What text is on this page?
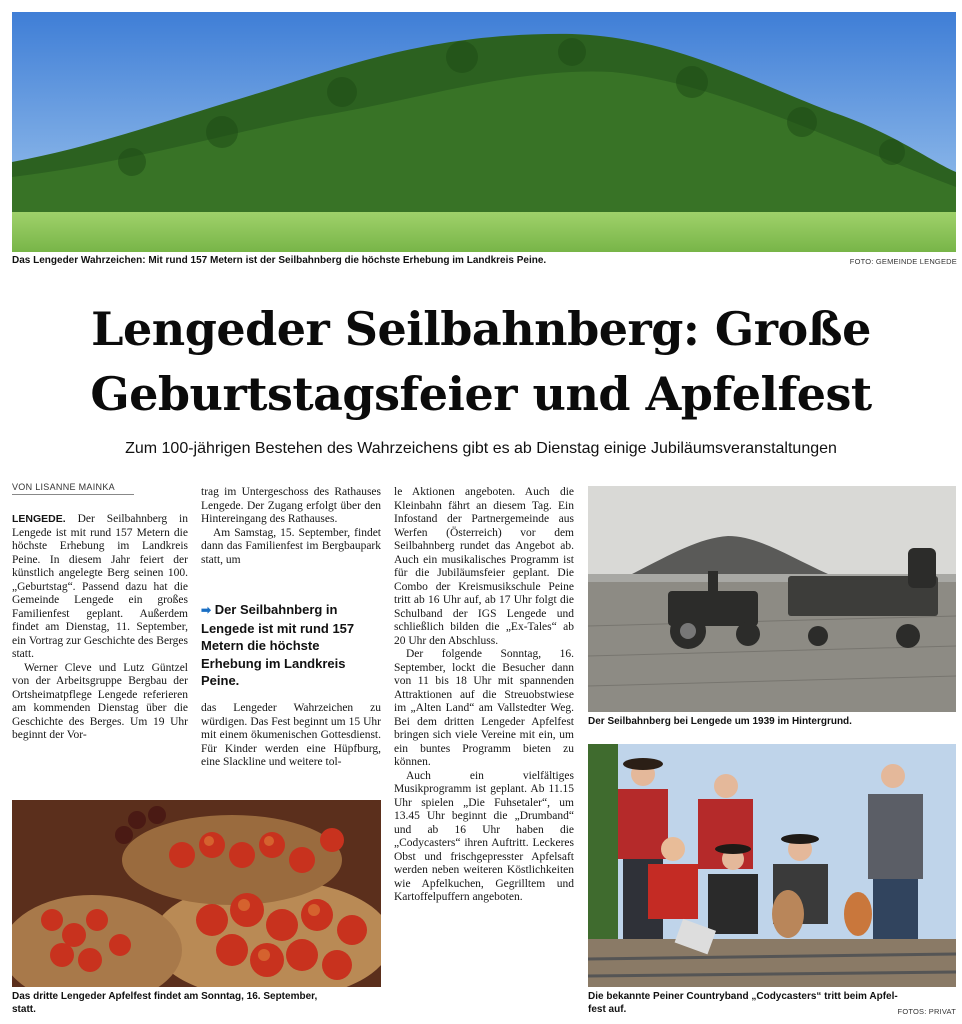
Das Lengeder Wahrzeichen: Mit rund 157 Metern ist der Seilbahnberg die höchste Erhebung im Landkreis Peine.	FOTO: GEMEINDE LENGEDE
Lengeder Seilbahnberg: Große
Geburtstagsfeier und Apfelfest
Zum 100-jährigen Bestehen des Wahrzeichens gibt es ab Dienstag einige Jubiläumsveranstaltungen
VON LISANNE MAINKA

LENGEDE. Der Seilbahnberg in Lengede ist mit rund 157 Metern die höchste Erhebung im Landkreis Peine. In diesem Jahr feiert der künstlich angelegte Berg seinen 100. „Geburtstag“. Passend dazu hat die Gemeinde Lengede ein großes Familienfest geplant. Außerdem findet am Dienstag, 11. September, ein Vortrag zur Geschichte des Berges statt.

Werner Cleve und Lutz Güntzel von der Arbeitsgruppe Bergbau der Ortsheimatpflege Lengede referieren am kommenden Dienstag über die Geschichte des Berges. Um 19 Uhr beginnt der Vor-

trag im Untergeschoss des Rathauses Lengede. Der Zugang erfolgt über den Hintereingang des Rathauses.

Am Samstag, 15. September, findet dann das Familienfest im Bergbaupark statt, um

➡ Der Seilbahnberg in Lengede ist mit rund 157 Metern die höchste Erhebung im Landkreis Peine.

das Lengeder Wahrzeichen zu würdigen. Das Fest beginnt um 15 Uhr mit einem ökumenischen Gottesdienst. Für Kinder werden eine Hüpfburg, eine Slackline und weitere tol-

le Aktionen angeboten. Auch die Kleinbahn fährt an diesem Tag. Ein Infostand der Partnergemeinde aus Werfen (Österreich) vor dem Seilbahnberg rundet das Angebot ab. Auch ein musikalisches Programm ist für die Jubiläumsfeier geplant. Die Combo der Kreismusikschule Peine tritt ab 16 Uhr auf, ab 17 Uhr folgt die Schulband der IGS Lengede und schließlich bilden die „Ex-Tales“ ab 20 Uhr den Abschluss.

Der folgende Sonntag, 16. September, lockt die Besucher dann von 11 bis 18 Uhr mit spannenden Attraktionen auf die Streuobstwiese im „Alten Land“ am Vallstedter Weg. Bei dem dritten Lengeder Apfelfest bringen sich viele Vereine mit ein, um ein buntes Programm bieten zu können.

Auch ein vielfältiges Musikprogramm ist geplant. Ab 11.15 Uhr spielen „Die Fuhsetaler“, um 13.45 Uhr beginnt die „Drumband“ und ab 16 Uhr haben die „Codycasters“ ihren Auftritt. Leckeres Obst und frischgepresster Apfelsaft werden neben weiteren Köstlichkeiten wie Apfelkuchen, Gegrilltem und Kartoffelpuffern angeboten.

Der Seilbahnberg bei Lengede um 1939 im Hintergrund.
Das dritte Lengeder Apfelfest findet am Sonntag, 16. September,
statt.
Die bekannte Peiner Countryband „Codycasters“ tritt beim Apfel-
fest auf.	FOTOS: PRIVAT
